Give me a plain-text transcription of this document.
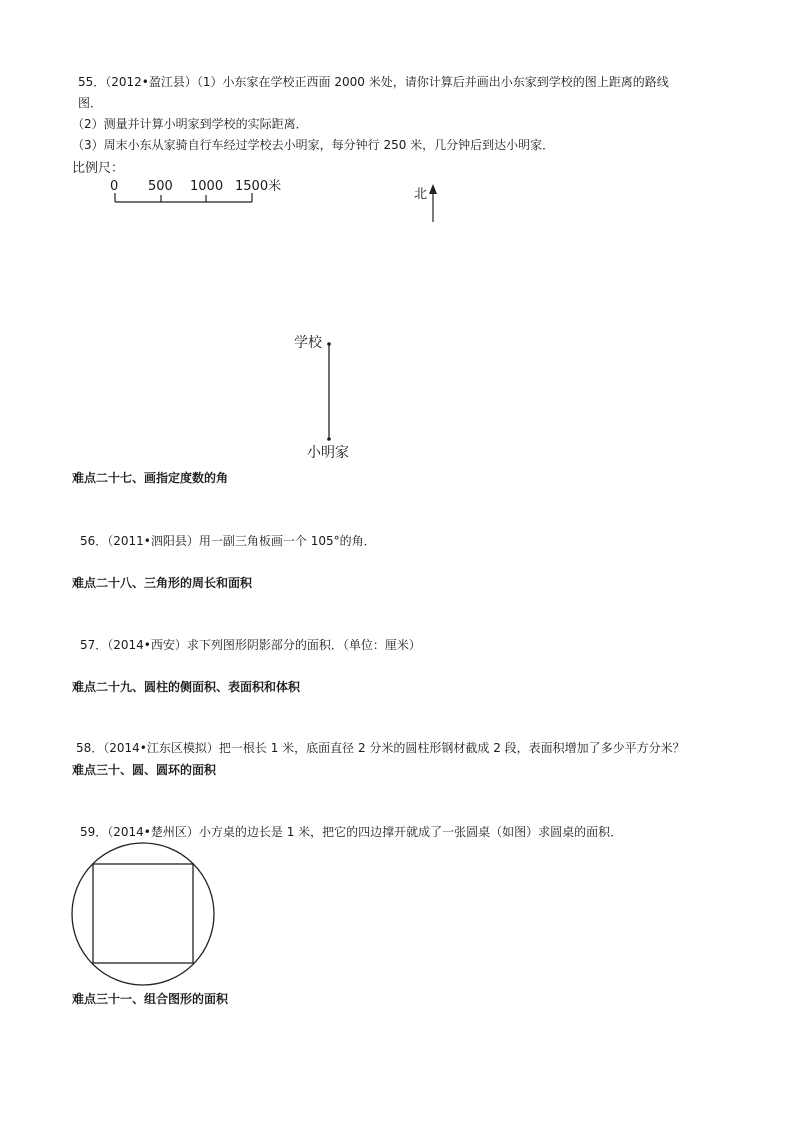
55．（2012•盈江县）（1）小东家在学校正西面 2000 米处，请你计算后并画出小东家到学校的图上距离的路线
图．
（2）测量并计算小明家到学校的实际距离．
（3）周末小东从家骑自行车经过学校去小明家，每分钟行 250 米，几分钟后到达小明家．
比例尺：
0 500 1000 1500米
北
学校
小明家
难点二十七、画指定度数的角
56．（2011•泗阳县）用一副三角板画一个 105°的角．
难点二十八、三角形的周长和面积
57．（2014•西安）求下列图形阴影部分的面积．（单位：厘米）
难点二十九、圆柱的侧面积、表面积和体积
58．（2014•江东区模拟）把一根长 1 米，底面直径 2 分米的圆柱形钢材截成 2 段，表面积增加了多少平方分米？
难点三十、圆、圆环的面积
59．（2014•楚州区）小方桌的边长是 1 米，把它的四边撑开就成了一张圆桌（如图）求圆桌的面积．
难点三十一、组合图形的面积
